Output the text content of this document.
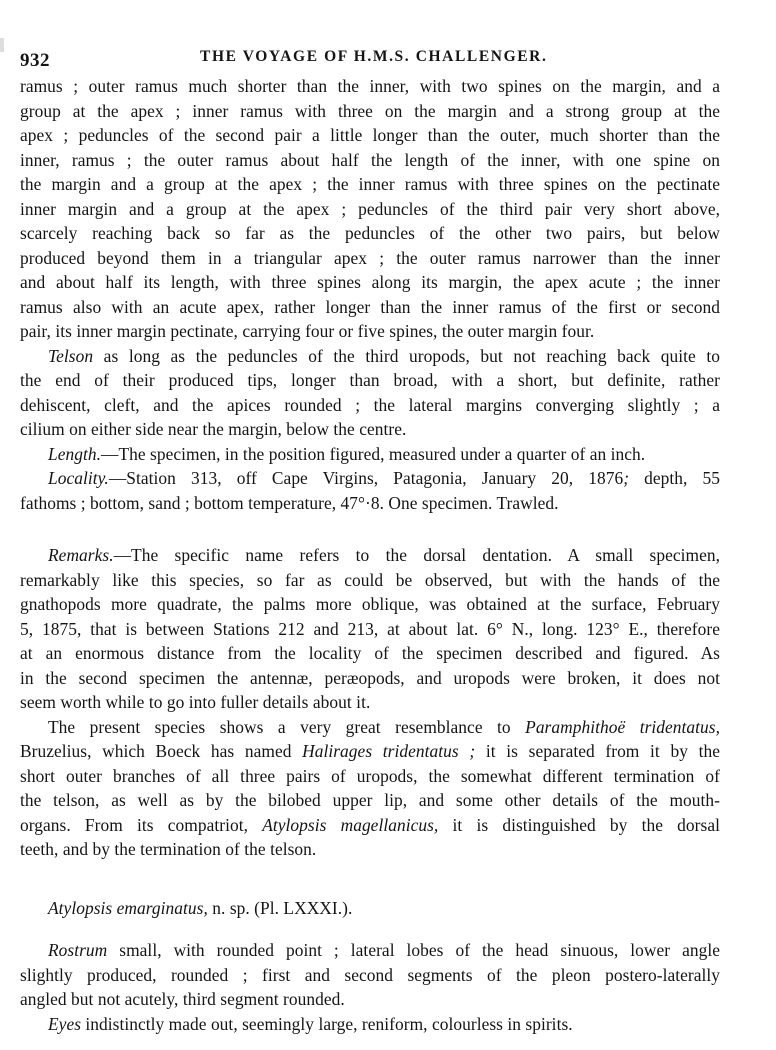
932	THE VOYAGE OF H.M.S. CHALLENGER.
ramus ; outer ramus much shorter than the inner, with two spines on the margin, and a
group at the apex ; inner ramus with three on the margin and a strong group at the
apex ; peduncles of the second pair a little longer than the outer, much shorter than the
inner, ramus ; the outer ramus about half the length of the inner, with one spine on
the margin and a group at the apex ; the inner ramus with three spines on the pectinate
inner margin and a group at the apex ; peduncles of the third pair very short above,
scarcely reaching back so far as the peduncles of the other two pairs, but below
produced beyond them in a triangular apex ; the outer ramus narrower than the inner
and about half its length, with three spines along its margin, the apex acute ; the inner
ramus also with an acute apex, rather longer than the inner ramus of the first or second
pair, its inner margin pectinate, carrying four or five spines, the outer margin four.
Telson as long as the peduncles of the third uropods, but not reaching back quite to
the end of their produced tips, longer than broad, with a short, but definite, rather
dehiscent, cleft, and the apices rounded ; the lateral margins converging slightly ; a
cilium on either side near the margin, below the centre.
Length.—The specimen, in the position figured, measured under a quarter of an inch.
Locality.—Station 313, off Cape Virgins, Patagonia, January 20, 1876; depth, 55
fathoms ; bottom, sand ; bottom temperature, 47°·8. One specimen. Trawled.
Remarks.—The specific name refers to the dorsal dentation. A small specimen,
remarkably like this species, so far as could be observed, but with the hands of the
gnathopods more quadrate, the palms more oblique, was obtained at the surface, February
5, 1875, that is between Stations 212 and 213, at about lat. 6° N., long. 123° E., therefore
at an enormous distance from the locality of the specimen described and figured. As
in the second specimen the antennæ, peræopods, and uropods were broken, it does not
seem worth while to go into fuller details about it.
The present species shows a very great resemblance to Paramphithoë tridentatus,
Bruzelius, which Boeck has named Halirages tridentatus ; it is separated from it by the
short outer branches of all three pairs of uropods, the somewhat different termination of
the telson, as well as by the bilobed upper lip, and some other details of the mouth-
organs. From its compatriot, Atylopsis magellanicus, it is distinguished by the dorsal
teeth, and by the termination of the telson.
Atylopsis emarginatus, n. sp. (Pl. LXXXI.).
Rostrum small, with rounded point ; lateral lobes of the head sinuous, lower angle
slightly produced, rounded ; first and second segments of the pleon postero-laterally
angled but not acutely, third segment rounded.
Eyes indistinctly made out, seemingly large, reniform, colourless in spirits.
